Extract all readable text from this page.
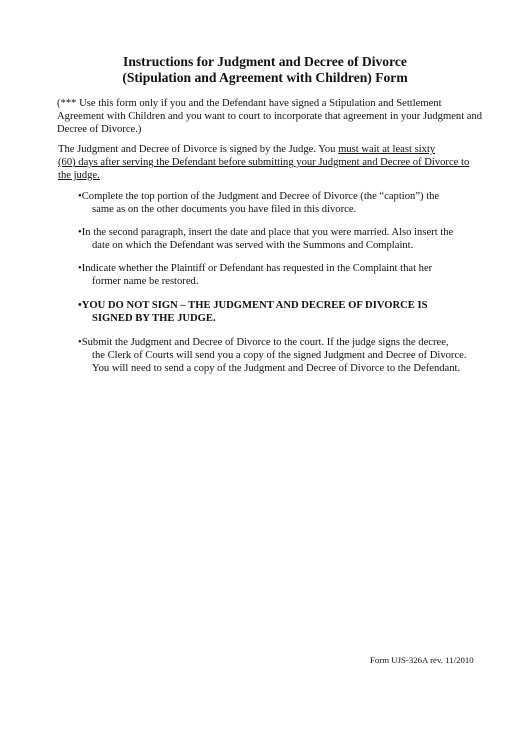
Instructions for Judgment and Decree of Divorce
(Stipulation and Agreement with Children) Form
(*** Use this form only if you and the Defendant have signed a Stipulation and Settlement
Agreement with Children and you want to court to incorporate that agreement in your Judgment and
Decree of Divorce.)
The Judgment and Decree of Divorce is signed by the Judge. You must wait at least sixty
(60) days after serving the Defendant before submitting your Judgment and Decree of Divorce to
the judge.
•Complete the top portion of the Judgment and Decree of Divorce (the “caption”) the
same as on the other documents you have filed in this divorce.
•In the second paragraph, insert the date and place that you were married. Also insert the
date on which the Defendant was served with the Summons and Complaint.
•Indicate whether the Plaintiff or Defendant has requested in the Complaint that her
former name be restored.
•YOU DO NOT SIGN – THE JUDGMENT AND DECREE OF DIVORCE IS
SIGNED BY THE JUDGE.
•Submit the Judgment and Decree of Divorce to the court. If the judge signs the decree,
the Clerk of Courts will send you a copy of the signed Judgment and Decree of Divorce.
You will need to send a copy of the Judgment and Decree of Divorce to the Defendant.
Form UJS-326A rev. 11/2010
